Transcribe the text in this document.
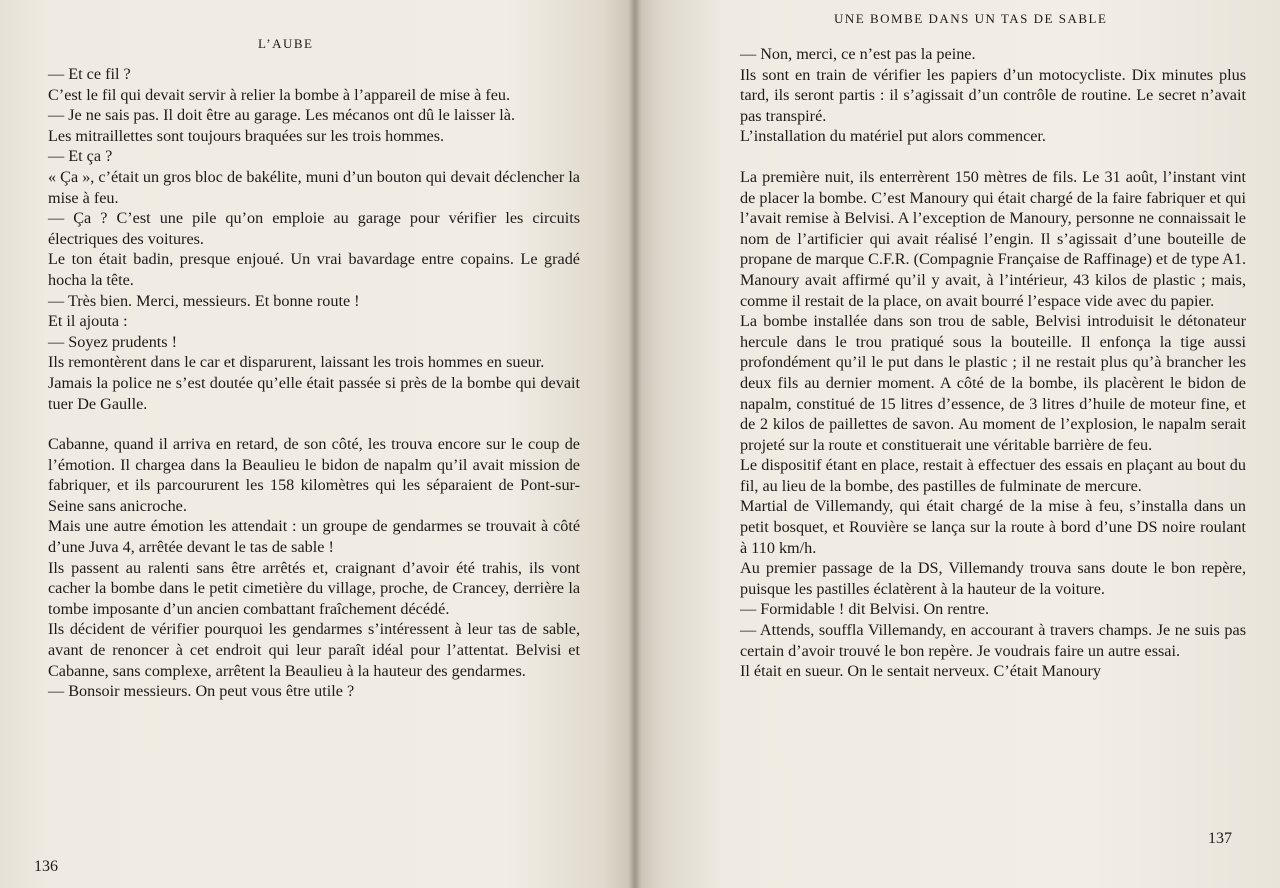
L’AUBE

— Et ce fil ?

C’est le fil qui devait servir à relier la bombe à l’appareil de mise à feu.

— Je ne sais pas. Il doit être au garage. Les mécanos ont dû le laisser là.

Les mitraillettes sont toujours braquées sur les trois hommes.

— Et ça ?

« Ça », c’était un gros bloc de bakélite, muni d’un bouton qui devait déclencher la mise à feu.

— Ça ? C’est une pile qu’on emploie au garage pour vérifier les circuits électriques des voitures.

Le ton était badin, presque enjoué. Un vrai bavardage entre copains. Le gradé hocha la tête.

— Très bien. Merci, messieurs. Et bonne route !

Et il ajouta :

— Soyez prudents !

Ils remontèrent dans le car et disparurent, laissant les trois hommes en sueur.

Jamais la police ne s’est doutée qu’elle était passée si près de la bombe qui devait tuer De Gaulle.

Cabanne, quand il arriva en retard, de son côté, les trouva encore sur le coup de l’émotion. Il chargea dans la Beaulieu le bidon de napalm qu’il avait mission de fabriquer, et ils parcoururent les 158 kilomètres qui les séparaient de Pont-sur-Seine sans anicroche.

Mais une autre émotion les attendait : un groupe de gendarmes se trouvait à côté d’une Juva 4, arrêtée devant le tas de sable !

Ils passent au ralenti sans être arrêtés et, craignant d’avoir été trahis, ils vont cacher la bombe dans le petit cimetière du village, proche, de Crancey, derrière la tombe imposante d’un ancien combattant fraîchement décédé.

Ils décident de vérifier pourquoi les gendarmes s’intéressent à leur tas de sable, avant de renoncer à cet endroit qui leur paraît idéal pour l’attentat. Belvisi et Cabanne, sans complexe, arrêtent la Beaulieu à la hauteur des gendarmes.

— Bonsoir messieurs. On peut vous être utile ?

136
UNE BOMBE DANS UN TAS DE SABLE

— Non, merci, ce n’est pas la peine.

Ils sont en train de vérifier les papiers d’un motocycliste. Dix minutes plus tard, ils seront partis : il s’agissait d’un contrôle de routine. Le secret n’avait pas transpiré.

L’installation du matériel put alors commencer.

La première nuit, ils enterrèrent 150 mètres de fils. Le 31 août, l’instant vint de placer la bombe. C’est Manoury qui était chargé de la faire fabriquer et qui l’avait remise à Belvisi. A l’exception de Manoury, personne ne connaissait le nom de l’artificier qui avait réalisé l’engin. Il s’agissait d’une bouteille de propane de marque C.F.R. (Compagnie Française de Raffinage) et de type A1. Manoury avait affirmé qu’il y avait, à l’intérieur, 43 kilos de plastic ; mais, comme il restait de la place, on avait bourré l’espace vide avec du papier.

La bombe installée dans son trou de sable, Belvisi introduisit le détonateur hercule dans le trou pratiqué sous la bouteille. Il enfonça la tige aussi profondément qu’il le put dans le plastic ; il ne restait plus qu’à brancher les deux fils au dernier moment. A côté de la bombe, ils placèrent le bidon de napalm, constitué de 15 litres d’essence, de 3 litres d’huile de moteur fine, et de 2 kilos de paillettes de savon. Au moment de l’explosion, le napalm serait projeté sur la route et constituerait une véritable barrière de feu.

Le dispositif étant en place, restait à effectuer des essais en plaçant au bout du fil, au lieu de la bombe, des pastilles de fulminate de mercure.

Martial de Villemandy, qui était chargé de la mise à feu, s’installa dans un petit bosquet, et Rouvière se lança sur la route à bord d’une DS noire roulant à 110 km/h.

Au premier passage de la DS, Villemandy trouva sans doute le bon repère, puisque les pastilles éclatèrent à la hauteur de la voiture.

— Formidable ! dit Belvisi. On rentre.

— Attends, souffla Villemandy, en accourant à travers champs. Je ne suis pas certain d’avoir trouvé le bon repère. Je voudrais faire un autre essai.

Il était en sueur. On le sentait nerveux. C’était Manoury

137
